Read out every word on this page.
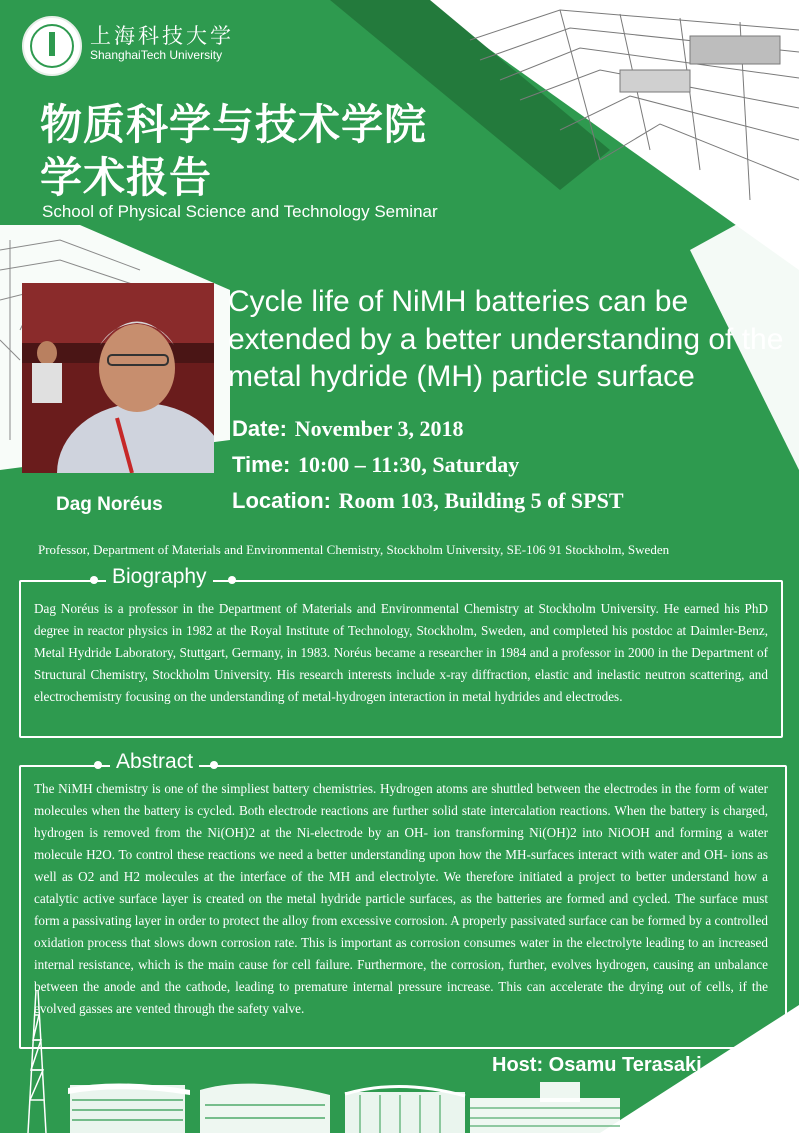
上海科技大学
ShanghaiTech University
物质科学与技术学院
学术报告
School of Physical Science and Technology Seminar
Dag Noréus
Cycle life of NiMH batteries can be extended by a better understanding of the metal hydride (MH) particle surface
Date: November 3, 2018
Time: 10:00 – 11:30, Saturday
Location: Room 103, Building 5 of SPST
Professor, Department of Materials and Environmental Chemistry, Stockholm University, SE-106 91 Stockholm, Sweden
Biography
Dag Noréus is a professor in the Department of Materials and Environmental Chemistry at Stockholm University. He earned his PhD degree in reactor physics in 1982 at the Royal Institute of Technology, Stockholm, Sweden, and completed his postdoc at Daimler-Benz, Metal Hydride Laboratory, Stuttgart, Germany, in 1983. Noréus became a researcher in 1984 and a professor in 2000 in the Department of Structural Chemistry, Stockholm University. His research interests include x-ray diffraction, elastic and inelastic neutron scattering, and electrochemistry focusing on the understanding of metal-hydrogen interaction in metal hydrides and electrodes.
Abstract
The NiMH chemistry is one of the simpliest battery chemistries. Hydrogen atoms are shuttled between the electrodes in the form of water molecules when the battery is cycled. Both electrode reactions are further solid state intercalation reactions. When the battery is charged, hydrogen is removed from the Ni(OH)2 at the Ni-electrode by an OH- ion transforming Ni(OH)2 into NiOOH and forming a water molecule H2O. To control these reactions we need a better understanding upon how the MH-surfaces interact with water and OH- ions as well as O2 and H2 molecules at the interface of the MH and electrolyte. We therefore initiated a project to better understand how a catalytic active surface layer is created on the metal hydride particle surfaces, as the batteries are formed and cycled. The surface must form a passivating layer in order to protect the alloy from excessive corrosion. A properly passivated surface can be formed by a controlled oxidation process that slows down corrosion rate. This is important as corrosion consumes water in the electrolyte leading to an increased internal resistance, which is the main cause for cell failure. Furthermore, the corrosion, further, evolves hydrogen, causing an unbalance between the anode and the cathode, leading to premature internal pressure increase. This can accelerate the drying out of cells, if the evolved gasses are vented through the safety valve.
Host: Osamu Terasaki
